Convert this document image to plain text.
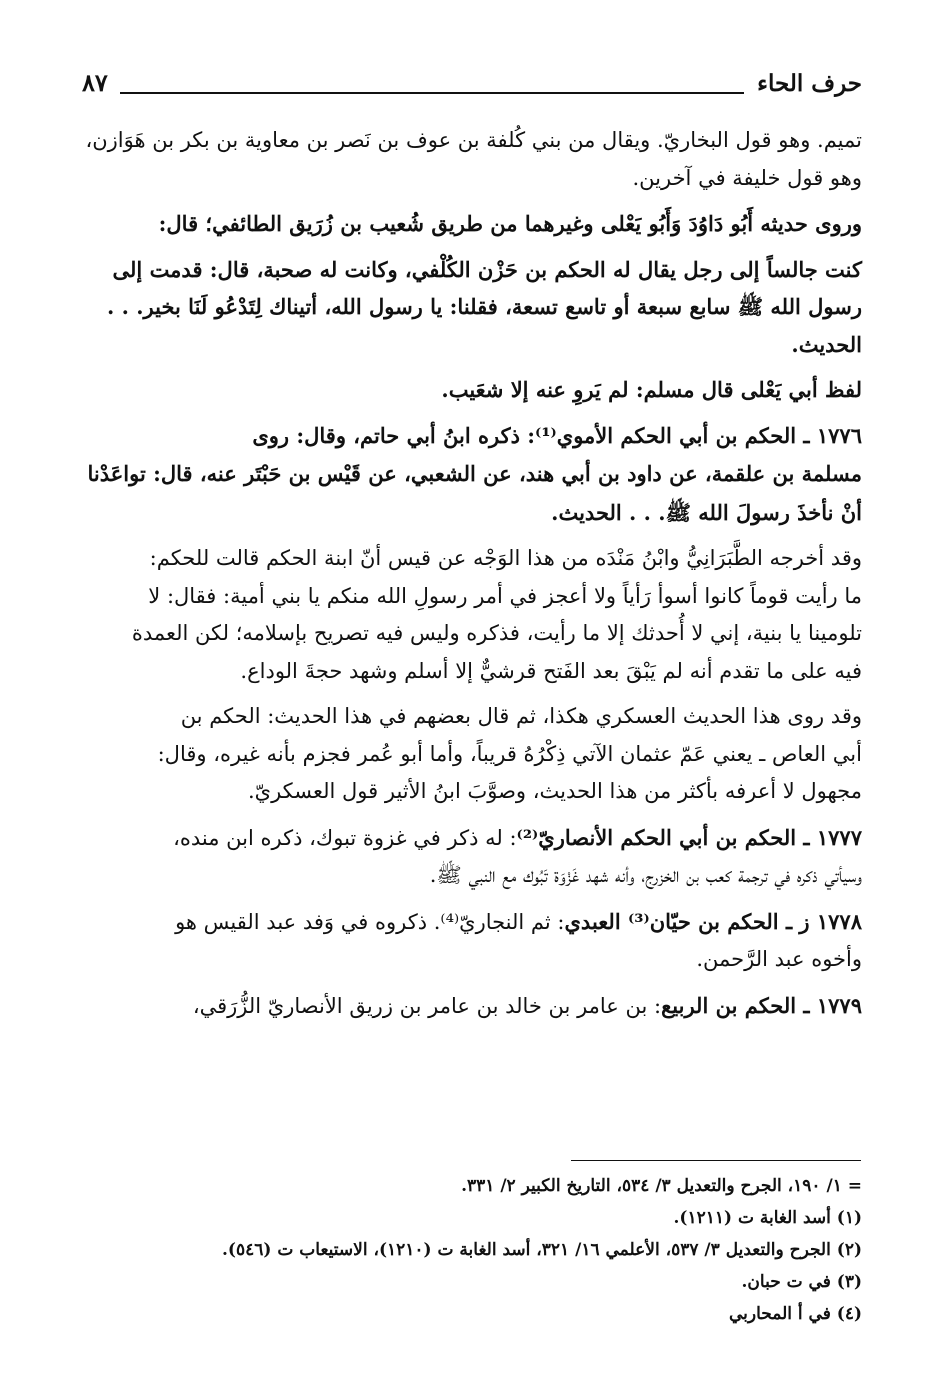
حرف الحاء
٨٧

تميم. وهو قول البخاريّ. ويقال من بني كُلفة بن عوف بن نَصر بن معاوية بن بكر بن هَوَازن،
وهو قول خليفة في آخرين.

وروى حديثه أَبُو دَاوُدَ وَأَبُو يَعْلى وغيرهما من طريق شُعيب بن زُرَيق الطائفي؛ قال:

كنت جالساً إلى رجل يقال له الحكم بن حَزْن الكُلْفي، وكانت له صحبة، قال: قدمت إلى
رسول الله ﷺ سابع سبعة أو تاسع تسعة، فقلنا: يا رسول الله، أتيناك لِتَدْعُو لَنَا بخير. . .
الحديث.

لفظ أبي يَعْلى قال مسلم: لم يَروِ عنه إلا شعَيب.

١٧٧٦ ـ الحكم بن أبي الحكم الأموي⁽¹⁾: ذكره ابنُ أبي حاتم، وقال: روى
مسلمة بن علقمة، عن داود بن أبي هند، عن الشعبي، عن قَيْس بن حَبْتَر عنه، قال: تواعَدْنا
أنْ نأخذَ رسولَ الله ﷺ. . . الحديث.

وقد أخرجه الطَّبَرَانِيُّ وابْنُ مَنْدَه من هذا الوَجْه عن قيس أنّ ابنة الحكم قالت للحكم:
ما رأيت قوماً كانوا أسوأ رَأياً ولا أعجز في أمر رسولِ الله منكم يا بني أمية: فقال: لا
تلومينا يا بنية، إني لا أُحدثك إلا ما رأيت، فذكره وليس فيه تصريح بإسلامه؛ لكن العمدة
فيه على ما تقدم أنه لم يَبْقَ بعد الفَتح قرشيٌّ إلا أسلم وشهد حجةَ الوداع.

وقد روى هذا الحديث العسكري هكذا، ثم قال بعضهم في هذا الحديث: الحكم بن
أبي العاص ـ يعني عَمّ عثمان الآتي ذِكْرُهُ قريباً، وأما أبو عُمر فجزم بأنه غيره، وقال:
مجهول لا أعرفه بأكثر من هذا الحديث، وصوَّبَ ابنُ الأثير قول العسكريّ.

١٧٧٧ ـ الحكم بن أبي الحكم الأنصاريّ⁽²⁾: له ذكر في غزوة تبوك، ذكره ابن منده،
وسيأتي ذكره في ترجمة كعب بن الخزرج، وأنه شهد غَزْوَة تَبُوك مع النبي ﷺ.

١٧٧٨ ز ـ الحكم بن حيّان⁽³⁾ العبدي: ثم النجاريّ⁽⁴⁾. ذكروه في وَفد عبد القيس هو
وأخوه عبد الرَّحمن.

١٧٧٩ ـ الحكم بن الربيع: بن عامر بن خالد بن عامر بن زريق الأنصاريّ الزُّرَقي،

= ١/ ١٩٠، الجرح والتعديل ٣/ ٥٣٤، التاريخ الكبير ٢/ ٣٣١.

(١) أسد الغابة ت (١٢١١).

(٢) الجرح والتعديل ٣/ ٥٣٧، الأعلمي ١٦/ ٣٢١، أسد الغابة ت (١٢١٠)، الاستيعاب ت (٥٤٦).

(٣) في ت حبان.

(٤) في أ المحاربي
